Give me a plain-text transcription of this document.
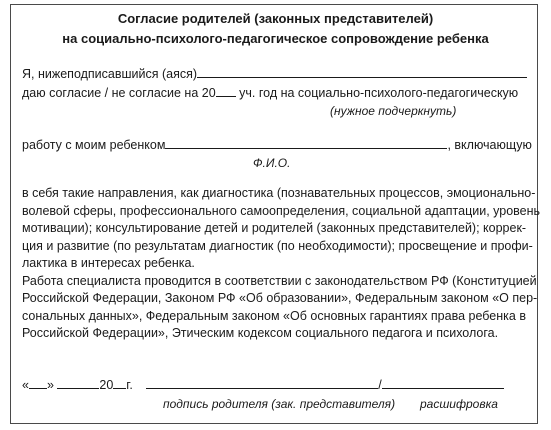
Согласие родителей (законных представителей)
на социально-психолого-педагогическое сопровождение ребенка
Я, нижеподписавшийся (аяся)
даю согласие / не согласие на 20 уч. год на социально-психолого-педагогическую
(нужное подчеркнуть)
работу с моим ребенком	, включающую
Ф.И.О.
в себя такие направления, как диагностика (познавательных процессов, эмоционально-
волевой сферы, профессионального самоопределения, социальной адаптации, уровень
мотивации); консультирование детей и родителей (законных представителей); коррек-
ция и развитие (по результатам диагностик (по необходимости); просвещение и профи-
лактика в интересах ребенка.
Работа специалиста проводится в соответствии с законодательством РФ (Конституцией
Российской Федерации, Законом РФ «Об образовании», Федеральным законом «О пер-
сональных данных», Федеральным законом «Об основных гарантиях права ребенка в
Российской Федерации», Этическим кодексом социального педагога и психолога.
« »	20 г.	/
подпись родителя (зак. представителя) расшифровка
